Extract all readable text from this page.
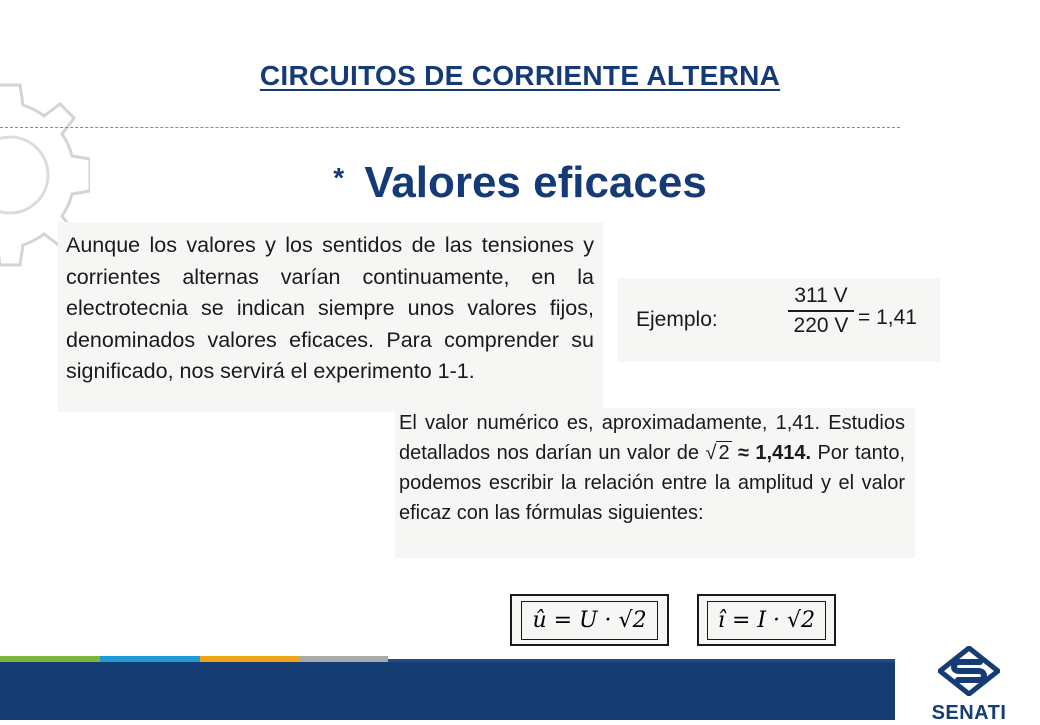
CIRCUITOS DE CORRIENTE ALTERNA
* Valores eficaces

Aunque los valores y los sentidos de las tensiones y corrientes alternas varían continuamente, en la electrotecnia se indican siempre unos valores fijos, denominados valores eficaces. Para comprender su significado, nos servirá el experimento 1-1.

Ejemplo:
311 V
220 V = 1,41

El valor numérico es, aproximadamente, 1,41. Estudios detallados nos darían un valor de √ 2 ≈ 1,414. Por tanto, podemos escribir la relación entre la amplitud y el valor eficaz con las fórmulas siguientes:

û = U · √2	î = I · √2
SENATI
